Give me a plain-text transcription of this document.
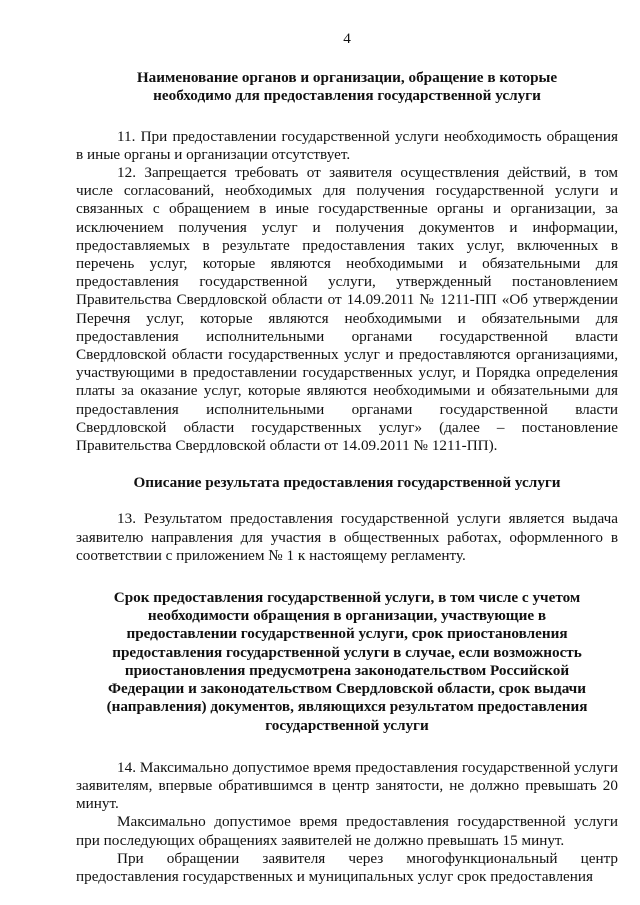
4
Наименование органов и организации, обращение в которые необходимо для предоставления государственной услуги

11. При предоставлении государственной услуги необходимость обращения в иные органы и организации отсутствует.

12. Запрещается требовать от заявителя осуществления действий, в том числе согласований, необходимых для получения государственной услуги и связанных с обращением в иные государственные органы и организации, за исключением получения услуг и получения документов и информации, предоставляемых в результате предоставления таких услуг, включенных в перечень услуг, которые являются необходимыми и обязательными для предоставления государственной услуги, утвержденный постановлением Правительства Свердловской области от 14.09.2011 № 1211-ПП «Об утверждении Перечня услуг, которые являются необходимыми и обязательными для предоставления исполнительными органами государственной власти Свердловской области государственных услуг и предоставляются организациями, участвующими в предоставлении государственных услуг, и Порядка определения платы за оказание услуг, которые являются необходимыми и обязательными для предоставления исполнительными органами государственной власти Свердловской области государственных услуг» (далее – постановление Правительства Свердловской области от 14.09.2011 № 1211-ПП).

Описание результата предоставления государственной услуги

13. Результатом предоставления государственной услуги является выдача заявителю направления для участия в общественных работах, оформленного в соответствии с приложением № 1 к настоящему регламенту.

Срок предоставления государственной услуги, в том числе с учетом необходимости обращения в организации, участвующие в предоставлении государственной услуги, срок приостановления предоставления государственной услуги в случае, если возможность приостановления предусмотрена законодательством Российской Федерации и законодательством Свердловской области, срок выдачи (направления) документов, являющихся результатом предоставления государственной услуги

14. Максимально допустимое время предоставления государственной услуги заявителям, впервые обратившимся в центр занятости, не должно превышать 20 минут.

Максимально допустимое время предоставления государственной услуги при последующих обращениях заявителей не должно превышать 15 минут.

При обращении заявителя через многофункциональный центр предоставления государственных и муниципальных услуг срок предоставления
